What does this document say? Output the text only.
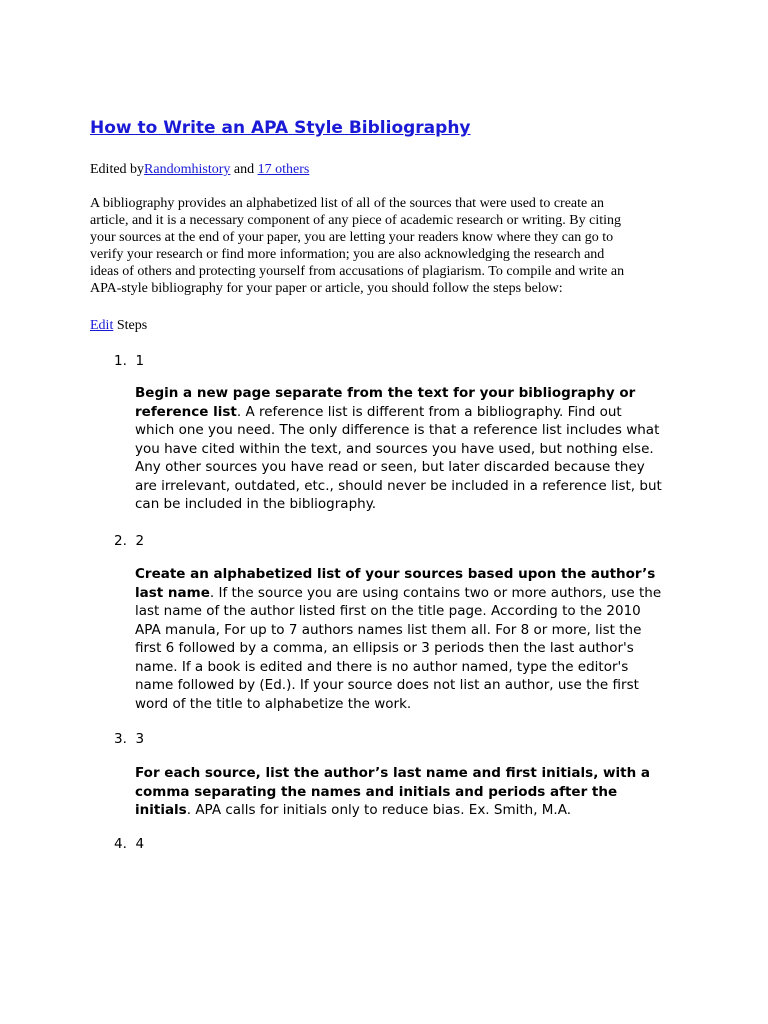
How to Write an APA Style Bibliography
Edited byRandomhistory and 17 others

A bibliography provides an alphabetized list of all of the sources that were used to create an
article, and it is a necessary component of any piece of academic research or writing. By citing
your sources at the end of your paper, you are letting your readers know where they can go to
verify your research or find more information; you are also acknowledging the research and
ideas of others and protecting yourself from accusations of plagiarism. To compile and write an
APA-style bibliography for your paper or article, you should follow the steps below:

Edit Steps
1. 1

Begin a new page separate from the text for your bibliography or
reference list. A reference list is different from a bibliography. Find out
which one you need. The only difference is that a reference list includes what
you have cited within the text, and sources you have used, but nothing else.
Any other sources you have read or seen, but later discarded because they
are irrelevant, outdated, etc., should never be included in a reference list, but
can be included in the bibliography.

2. 2

Create an alphabetized list of your sources based upon the author’s
last name. If the source you are using contains two or more authors, use the
last name of the author listed first on the title page. According to the 2010
APA manula, For up to 7 authors names list them all. For 8 or more, list the
first 6 followed by a comma, an ellipsis or 3 periods then the last author's
name. If a book is edited and there is no author named, type the editor's
name followed by (Ed.). If your source does not list an author, use the first
word of the title to alphabetize the work.

3. 3

For each source, list the author’s last name and first initials, with a
comma separating the names and initials and periods after the
initials. APA calls for initials only to reduce bias. Ex. Smith, M.A.

4. 4
